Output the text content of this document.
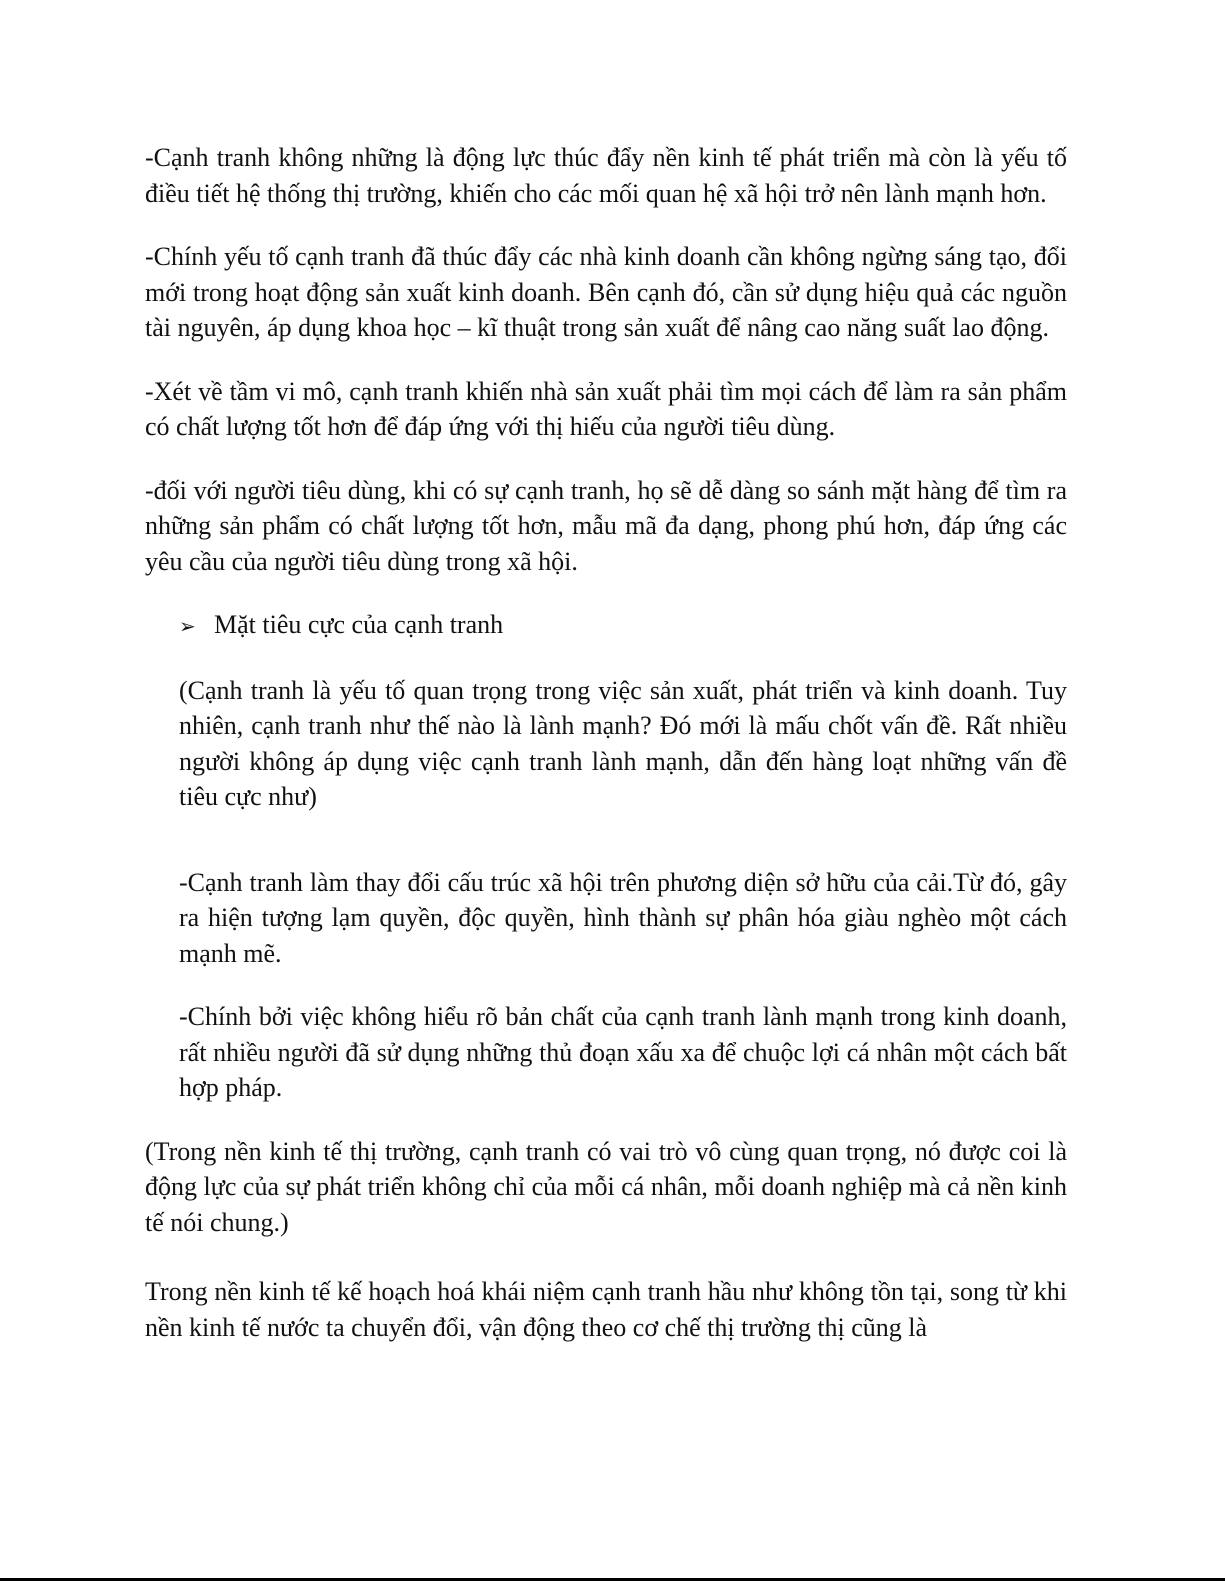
-Cạnh tranh không những là động lực thúc đẩy nền kinh tế phát triển mà còn là yếu tố điều tiết hệ thống thị trường, khiến cho các mối quan hệ xã hội trở nên lành mạnh hơn.

-Chính yếu tố cạnh tranh đã thúc đẩy các nhà kinh doanh cần không ngừng sáng tạo, đổi mới trong hoạt động sản xuất kinh doanh. Bên cạnh đó, cần sử dụng hiệu quả các nguồn tài nguyên, áp dụng khoa học – kĩ thuật trong sản xuất để nâng cao năng suất lao động.

-Xét về tầm vi mô, cạnh tranh khiến nhà sản xuất phải tìm mọi cách để làm ra sản phẩm có chất lượng tốt hơn để đáp ứng với thị hiếu của người tiêu dùng.

-đối với người tiêu dùng, khi có sự cạnh tranh, họ sẽ dễ dàng so sánh mặt hàng để tìm ra những sản phẩm có chất lượng tốt hơn, mẫu mã đa dạng, phong phú hơn, đáp ứng các yêu cầu của người tiêu dùng trong xã hội.

➢ Mặt tiêu cực của cạnh tranh

(Cạnh tranh là yếu tố quan trọng trong việc sản xuất, phát triển và kinh doanh. Tuy nhiên, cạnh tranh như thế nào là lành mạnh? Đó mới là mấu chốt vấn đề. Rất nhiều người không áp dụng việc cạnh tranh lành mạnh, dẫn đến hàng loạt những vấn đề tiêu cực như)

-Cạnh tranh làm thay đổi cấu trúc xã hội trên phương diện sở hữu của cải.Từ đó, gây ra hiện tượng lạm quyền, độc quyền, hình thành sự phân hóa giàu nghèo một cách mạnh mẽ.

-Chính bởi việc không hiểu rõ bản chất của cạnh tranh lành mạnh trong kinh doanh, rất nhiều người đã sử dụng những thủ đoạn xấu xa để chuộc lợi cá nhân một cách bất hợp pháp.

(Trong nền kinh tế thị trường, cạnh tranh có vai trò vô cùng quan trọng, nó được coi là động lực của sự phát triển không chỉ của mỗi cá nhân, mỗi doanh nghiệp mà cả nền kinh tế nói chung.)

Trong nền kinh tế kế hoạch hoá khái niệm cạnh tranh hầu như không tồn tại, song từ khi nền kinh tế nước ta chuyển đổi, vận động theo cơ chế thị trường thị cũng là
